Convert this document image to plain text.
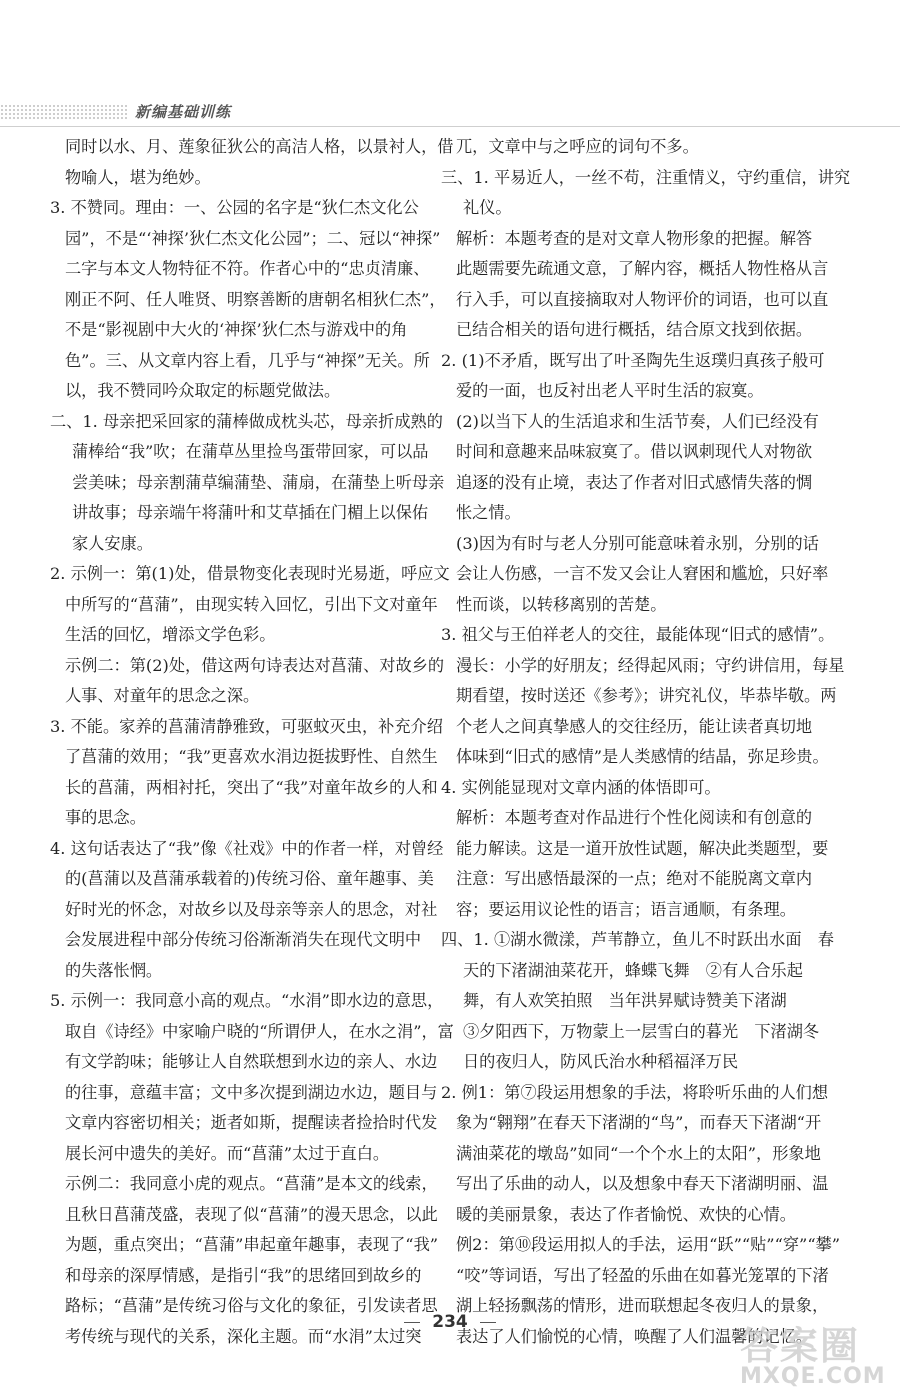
新编基础训练
同时以水、月、莲象征狄公的高洁人格，以景衬人，借
物喻人，堪为绝妙。
3. 不赞同。理由：一、公园的名字是“狄仁杰文化公
园”，不是“‘神探’狄仁杰文化公园”；二、冠以“神探”
二字与本文人物特征不符。作者心中的“忠贞清廉、
刚正不阿、任人唯贤、明察善断的唐朝名相狄仁杰”，
不是“影视剧中大火的‘神探’狄仁杰与游戏中的角
色”。三、从文章内容上看，几乎与“神探”无关。所
以，我不赞同吟众取定的标题党做法。
二、1. 母亲把采回家的蒲棒做成枕头芯，母亲折成熟的
蒲棒给“我”吹；在蒲草丛里捡鸟蛋带回家，可以品
尝美味；母亲割蒲草编蒲垫、蒲扇，在蒲垫上听母亲
讲故事；母亲端午将蒲叶和艾草插在门楣上以保佑
家人安康。
2. 示例一：第(1)处，借景物变化表现时光易逝，呼应文
中所写的“菖蒲”，由现实转入回忆，引出下文对童年
生活的回忆，增添文学色彩。
示例二：第(2)处，借这两句诗表达对菖蒲、对故乡的
人事、对童年的思念之深。
3. 不能。家养的菖蒲清静雅致，可驱蚊灭虫，补充介绍
了菖蒲的效用；“我”更喜欢水涓边挺拔野性、自然生
长的菖蒲，两相衬托，突出了“我”对童年故乡的人和
事的思念。
4. 这句话表达了“我”像《社戏》中的作者一样，对曾经
的(菖蒲以及菖蒲承载着的)传统习俗、童年趣事、美
好时光的怀念，对故乡以及母亲等亲人的思念，对社
会发展进程中部分传统习俗渐渐消失在现代文明中
的失落怅惘。
5. 示例一：我同意小高的观点。“水涓”即水边的意思，
取自《诗经》中家喻户晓的“所谓伊人，在水之涓”，富
有文学韵味；能够让人自然联想到水边的亲人、水边
的往事，意蕴丰富；文中多次提到湖边水边，题目与
文章内容密切相关；逝者如斯，提醒读者捡拾时代发
展长河中遗失的美好。而“菖蒲”太过于直白。
示例二：我同意小虎的观点。“菖蒲”是本文的线索，
且秋日菖蒲茂盛，表现了似“菖蒲”的漫天思念，以此
为题，重点突出；“菖蒲”串起童年趣事，表现了“我”
和母亲的深厚情感，是指引“我”的思绪回到故乡的
路标；“菖蒲”是传统习俗与文化的象征，引发读者思
考传统与现代的关系，深化主题。而“水涓”太过突
兀，文章中与之呼应的词句不多。
三、1. 平易近人，一丝不苟，注重情义，守约重信，讲究
礼仪。
解析：本题考查的是对文章人物形象的把握。解答
此题需要先疏通文意，了解内容，概括人物性格从言
行入手，可以直接摘取对人物评价的词语，也可以直
已结合相关的语句进行概括，结合原文找到依据。
2. (1)不矛盾，既写出了叶圣陶先生返璞归真孩子般可
爱的一面，也反衬出老人平时生活的寂寞。
(2)以当下人的生活追求和生活节奏，人们已经没有
时间和意趣来品味寂寞了。借以讽刺现代人对物欲
追逐的没有止境，表达了作者对旧式感情失落的惆
怅之情。
(3)因为有时与老人分别可能意味着永别，分别的话
会让人伤感，一言不发又会让人窘困和尴尬，只好率
性而谈，以转移离别的苦楚。
3. 祖父与王伯祥老人的交往，最能体现“旧式的感情”。
漫长：小学的好朋友；经得起风雨；守约讲信用，每星
期看望，按时送还《参考》；讲究礼仪，毕恭毕敬。两
个老人之间真挚感人的交往经历，能让读者真切地
体味到“旧式的感情”是人类感情的结晶，弥足珍贵。
4. 实例能显现对文章内涵的体悟即可。
解析：本题考查对作品进行个性化阅读和有创意的
能力解读。这是一道开放性试题，解决此类题型，要
注意：写出感悟最深的一点；绝对不能脱离文章内
容；要运用议论性的语言；语言通顺，有条理。
四、1. ①湖水微漾，芦苇静立，鱼儿不时跃出水面　春
天的下渚湖油菜花开，蜂蝶飞舞　②有人合乐起
舞，有人欢笑拍照　当年洪昇赋诗赞美下渚湖
③夕阳西下，万物蒙上一层雪白的暮光　下渚湖冬
日的夜归人，防风氏治水种稻福泽万民
2. 例1：第⑦段运用想象的手法，将聆听乐曲的人们想
象为“翱翔”在春天下渚湖的“鸟”，而春天下渚湖“开
满油菜花的墩岛”如同“一个个水上的太阳”，形象地
写出了乐曲的动人，以及想象中春天下渚湖明丽、温
暖的美丽景象，表达了作者愉悦、欢快的心情。
例2：第⑩段运用拟人的手法，运用“跃”“贴”“穿”“攀”
“咬”等词语，写出了轻盈的乐曲在如暮光笼罩的下渚
湖上轻扬飘荡的情形，进而联想起冬夜归人的景象，
表达了人们愉悦的心情，唤醒了人们温馨的记忆。
234
答案圈
MXQE.COM
